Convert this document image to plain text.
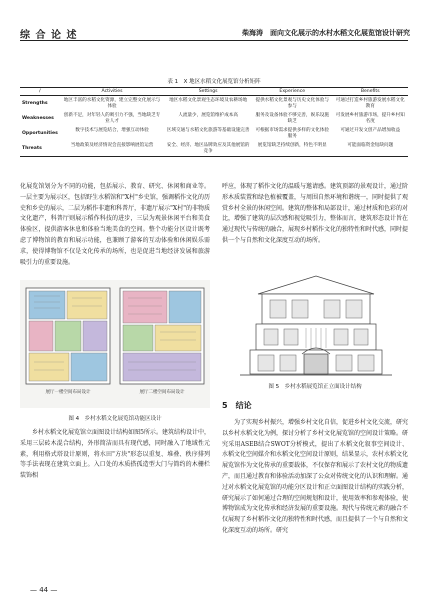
综 合 论 述	柴海涛　面向文化展示的水村水稻文化展览馆设计研究
表 1　X 地区水稻文化展览馆分析矩阵
/	Activities	Settings	Experience	Benefits
Strengths	地区丰富的水稻文化资源，建立完整文化展示与体验	地区水稻文化景观生态环境及农耕场地	提供水稻文化景观与历史文化体验与参与	可通过打造乡村旅游发展水稻文化教育
Weaknesses	创新不足，对年轻人的吸引力不强，当地缺乏专业人才	人流量少，展览馆维护成本高	服务及设备体验不够完善，娱乐设施缺乏	可发展乡村旅游市场，提升乡村知名度
Opportunities	数字技术与展览结合，增强互动体验	区域交通与水稻文化旅游等基础设施完善	可根据市场需求提供多样的文化体验服务	可通过开发文创产品增加收益
Threats	当地政策及经济情况会直接影响展馆运营	安全、经济、地区品牌效应及其他展馆的竞争	展览馆缺乏持续创新，特色不明显	可能面临资金短缺问题
化展览馆划分为不同的功能，包括展示、教育、研究、休闲和商业等。一层主要为展示区，包括野生水稻馆和"X村"乡史馆，强调稻作文化的历史和乡史的展示，二层为稻作非遗和科普厅，非遗厅展示"X村"的非物质文化遗产，科普厅则展示稻作科技的进步，三层为观景休闲平台和美食体验区，提供游客休息和体验当地美食的空间。整个功能分区设计既考虑了博物馆的教育和展示功能，也兼顾了游客的互动体验和休闲娱乐需求，使得博物馆不仅是文化传承的场所，也是促进当地经济发展和旅游吸引力的重要设施。
展厅一楼空间布局设计	展厅二楼空间布局设计
图 4　乡村水稻文化展览馆功能区设计
乡村水稻文化展览馆立面图设计结构如图5所示。建筑结构设计中，采用三层砖木混合结构，外形简洁而具有现代感，同时融入了地域性元素，利用格式塔设计原则，将水田"方块"形态以重复、堆叠、秩序排列等手法表现在建筑立面上。入口处的木质搭孤造型大门与简约的木栅栏装饰相
呼应，体现了稻作文化的温暖与邀请感。建筑顶部的景观设计，通过阶形木质装置和绿色植被覆盖，与周围自然环境和谐统一，同时提供了观赏乡村全景的休闲空间。建筑的整体和局部设计，通过材质和色彩的对比，增强了建筑的层次感和视觉吸引力，整体而言，建筑形态设计旨在通过现代与传统的融合，展现乡村稻作文化的独特性和时代感，同时提供一个与自然和文化深度互动的场所。
图 5　乡村水稻展览馆正立面设计结构
5　结论
为了实现乡村振兴，增强乡村文化自信，促进乡村文化交流，研究以乡村水稻文化为例，探讨分析了乡村文化展览馆的空间设计策略。研究采用ASEB结合SWOT分析模式，提出了水稻文化叙事空间设计、水稻文化空间媒介和水稻文化空间设计原则，结果显示，农村水稻文化展览馆作为文化传承的重要载体，不仅保存和展示了农村文化的物质遗产，而且通过教育和体验活动加深了公众对传统文化的认识和理解。通过对水稻文化展览馆的功能分区设计和正立面图设计结构的实践分析，研究展示了如何通过合理的空间规划和设计，使用效率和参观体验，使博物馆成为文化传承和经济发展的重要设施。现代与传统元素的融合不仅展现了乡村稻作文化的独特性和时代感，而且提供了一个与自然和文化深度互动的场所。研究
— 44 —
